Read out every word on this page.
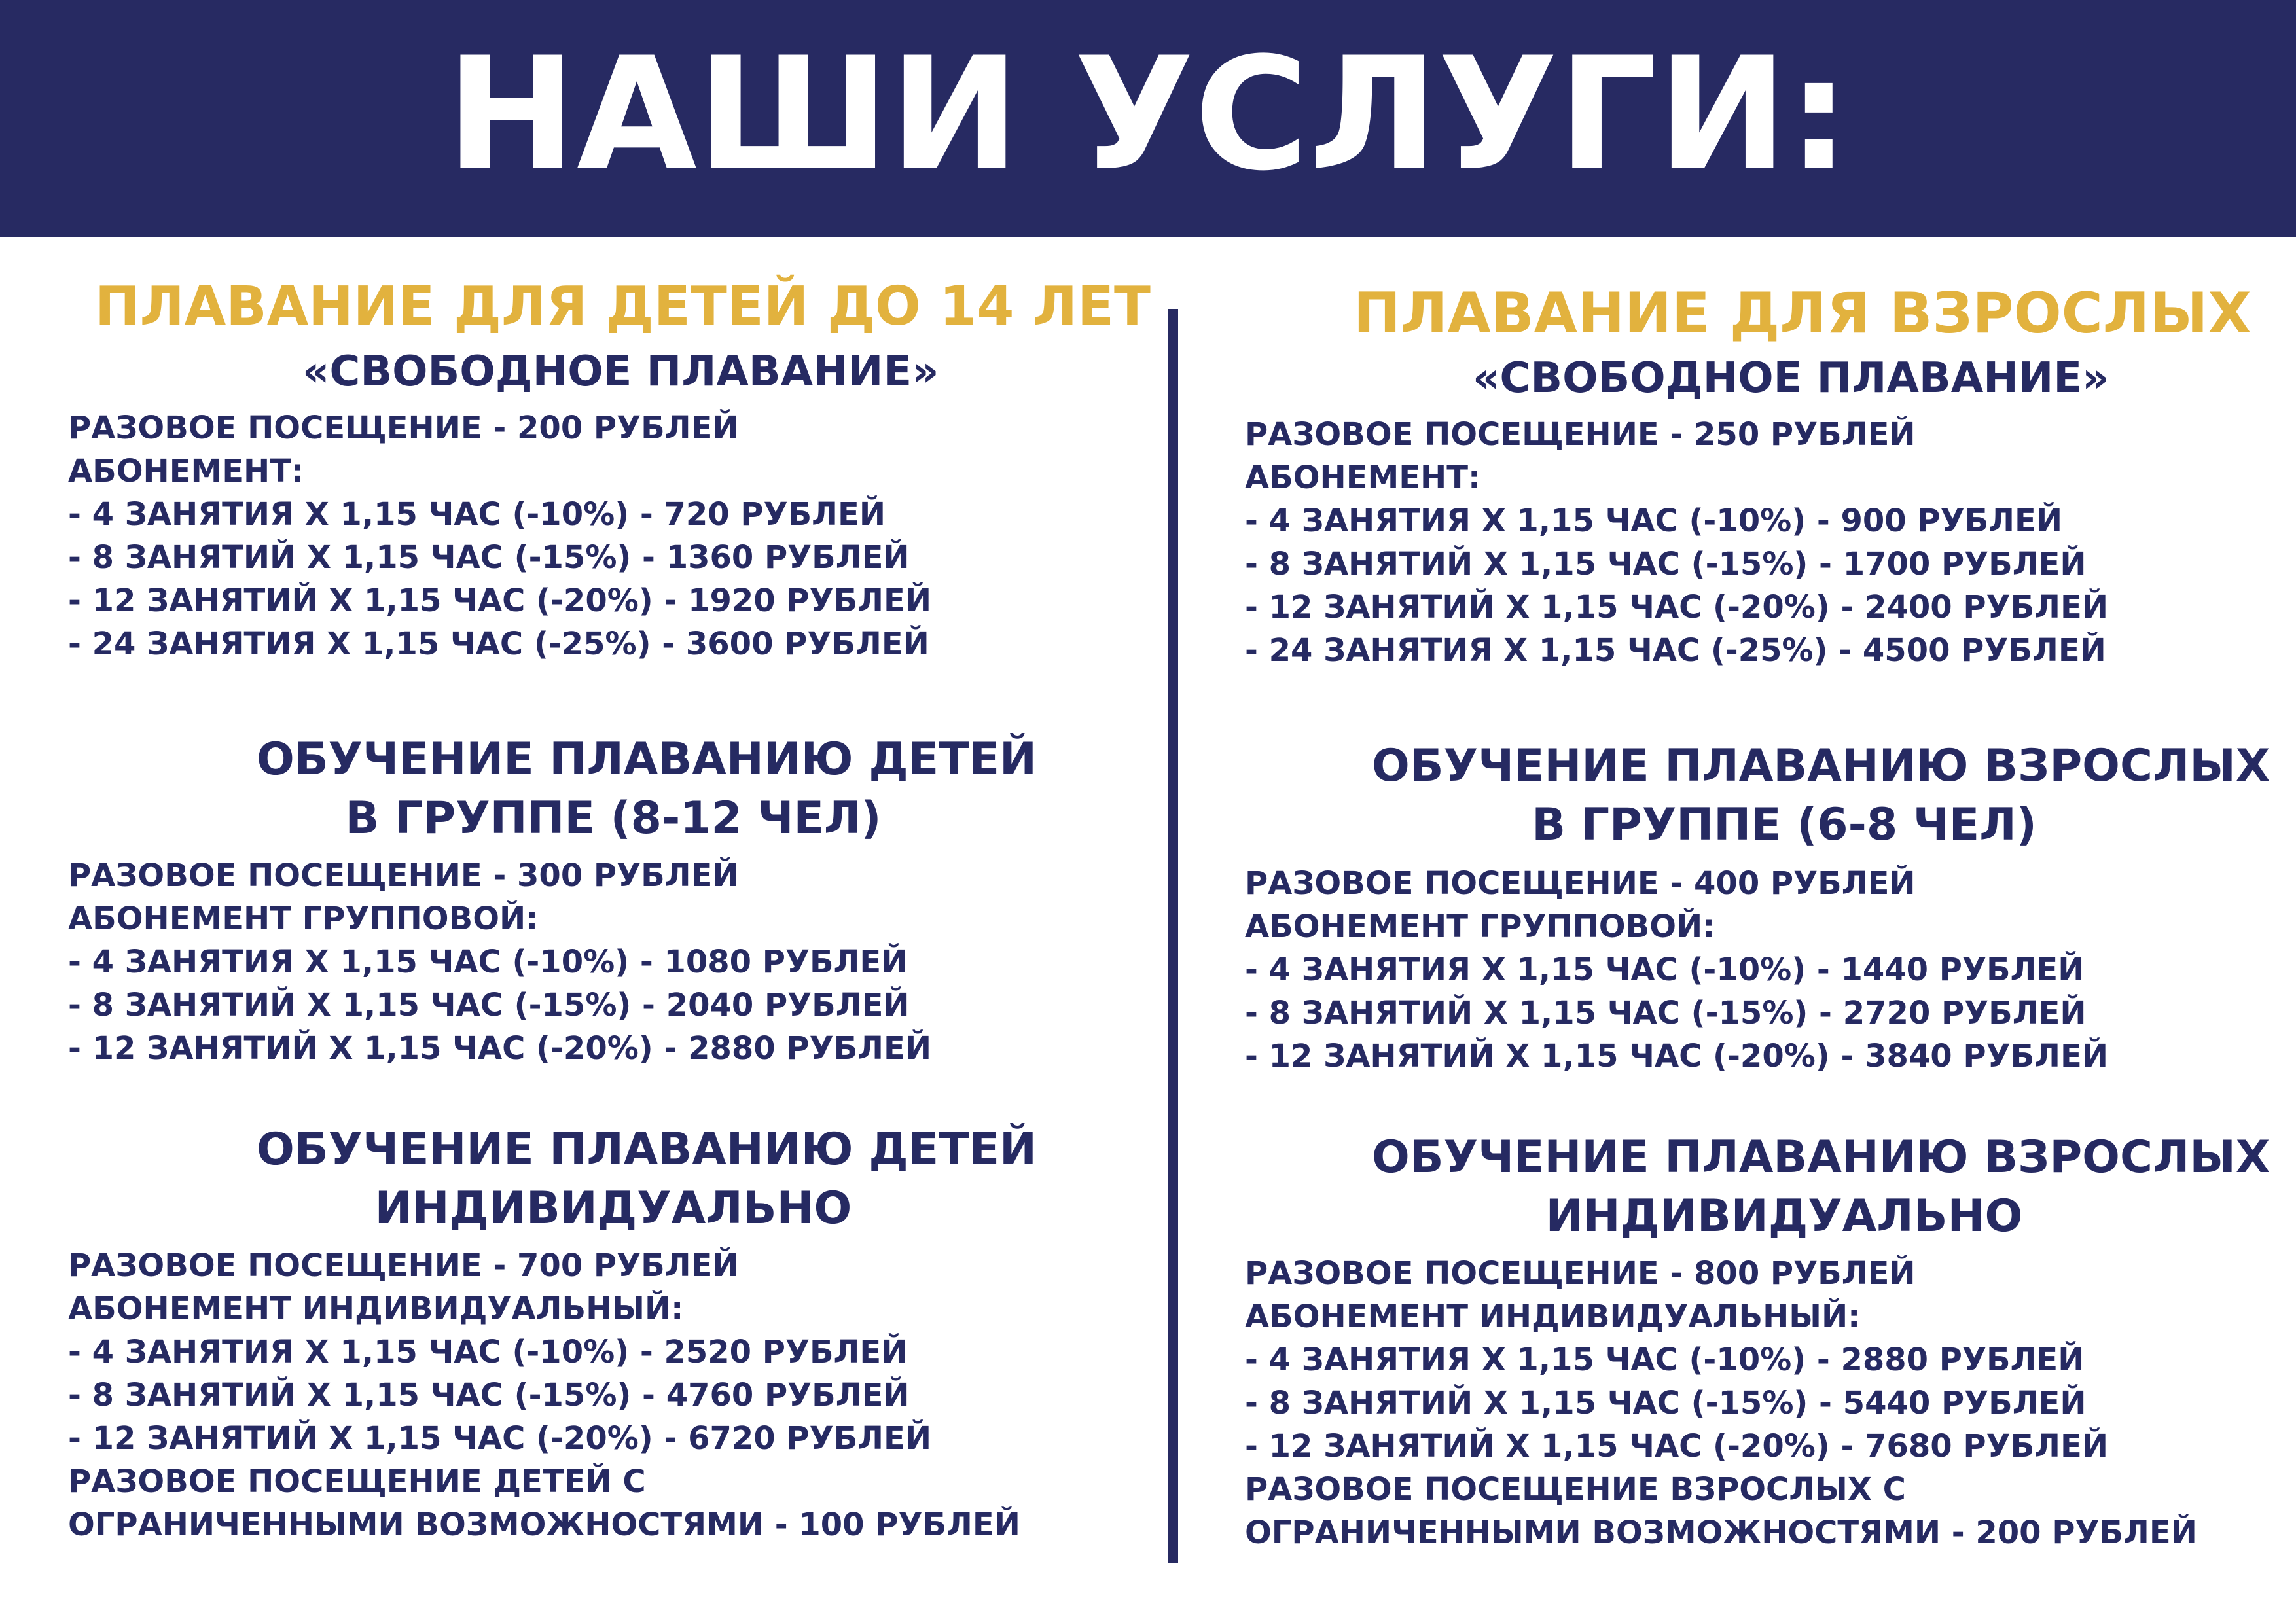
НАШИ УСЛУГИ:
ПЛАВАНИЕ ДЛЯ ДЕТЕЙ ДО 14 ЛЕТ
«СВОБОДНОЕ ПЛАВАНИЕ»
РАЗОВОЕ ПОСЕЩЕНИЕ - 200 РУБЛЕЙ
АБОНЕМЕНТ:
- 4 ЗАНЯТИЯ Х 1,15 ЧАС (-10%) - 720 РУБЛЕЙ
- 8 ЗАНЯТИЙ Х 1,15 ЧАС (-15%) - 1360 РУБЛЕЙ
- 12 ЗАНЯТИЙ Х 1,15 ЧАС (-20%) - 1920 РУБЛЕЙ
- 24 ЗАНЯТИЯ Х 1,15 ЧАС (-25%) - 3600 РУБЛЕЙ
ОБУЧЕНИЕ ПЛАВАНИЮ ДЕТЕЙ
В ГРУППЕ (8-12 ЧЕЛ)
РАЗОВОЕ ПОСЕЩЕНИЕ - 300 РУБЛЕЙ
АБОНЕМЕНТ ГРУППОВОЙ:
- 4 ЗАНЯТИЯ Х 1,15 ЧАС (-10%) - 1080 РУБЛЕЙ
- 8 ЗАНЯТИЙ Х 1,15 ЧАС (-15%) - 2040 РУБЛЕЙ
- 12 ЗАНЯТИЙ Х 1,15 ЧАС (-20%) - 2880 РУБЛЕЙ
ОБУЧЕНИЕ ПЛАВАНИЮ ДЕТЕЙ
ИНДИВИДУАЛЬНО
РАЗОВОЕ ПОСЕЩЕНИЕ - 700 РУБЛЕЙ
АБОНЕМЕНТ ИНДИВИДУАЛЬНЫЙ:
- 4 ЗАНЯТИЯ Х 1,15 ЧАС (-10%) - 2520 РУБЛЕЙ
- 8 ЗАНЯТИЙ Х 1,15 ЧАС (-15%) - 4760 РУБЛЕЙ
- 12 ЗАНЯТИЙ Х 1,15 ЧАС (-20%) - 6720 РУБЛЕЙ
РАЗОВОЕ ПОСЕЩЕНИЕ ДЕТЕЙ С
ОГРАНИЧЕННЫМИ ВОЗМОЖНОСТЯМИ - 100 РУБЛЕЙ
ПЛАВАНИЕ ДЛЯ ВЗРОСЛЫХ
«СВОБОДНОЕ ПЛАВАНИЕ»
РАЗОВОЕ ПОСЕЩЕНИЕ - 250 РУБЛЕЙ
АБОНЕМЕНТ:
- 4 ЗАНЯТИЯ Х 1,15 ЧАС (-10%) - 900 РУБЛЕЙ
- 8 ЗАНЯТИЙ Х 1,15 ЧАС (-15%) - 1700 РУБЛЕЙ
- 12 ЗАНЯТИЙ Х 1,15 ЧАС (-20%) - 2400 РУБЛЕЙ
- 24 ЗАНЯТИЯ Х 1,15 ЧАС (-25%) - 4500 РУБЛЕЙ
ОБУЧЕНИЕ ПЛАВАНИЮ ВЗРОСЛЫХ
В ГРУППЕ (6-8 ЧЕЛ)
РАЗОВОЕ ПОСЕЩЕНИЕ - 400 РУБЛЕЙ
АБОНЕМЕНТ ГРУППОВОЙ:
- 4 ЗАНЯТИЯ Х 1,15 ЧАС (-10%) - 1440 РУБЛЕЙ
- 8 ЗАНЯТИЙ Х 1,15 ЧАС (-15%) - 2720 РУБЛЕЙ
- 12 ЗАНЯТИЙ Х 1,15 ЧАС (-20%) - 3840 РУБЛЕЙ
ОБУЧЕНИЕ ПЛАВАНИЮ ВЗРОСЛЫХ
ИНДИВИДУАЛЬНО
РАЗОВОЕ ПОСЕЩЕНИЕ - 800 РУБЛЕЙ
АБОНЕМЕНТ ИНДИВИДУАЛЬНЫЙ:
- 4 ЗАНЯТИЯ Х 1,15 ЧАС (-10%) - 2880 РУБЛЕЙ
- 8 ЗАНЯТИЙ Х 1,15 ЧАС (-15%) - 5440 РУБЛЕЙ
- 12 ЗАНЯТИЙ Х 1,15 ЧАС (-20%) - 7680 РУБЛЕЙ
РАЗОВОЕ ПОСЕЩЕНИЕ ВЗРОСЛЫХ С
ОГРАНИЧЕННЫМИ ВОЗМОЖНОСТЯМИ - 200 РУБЛЕЙ
